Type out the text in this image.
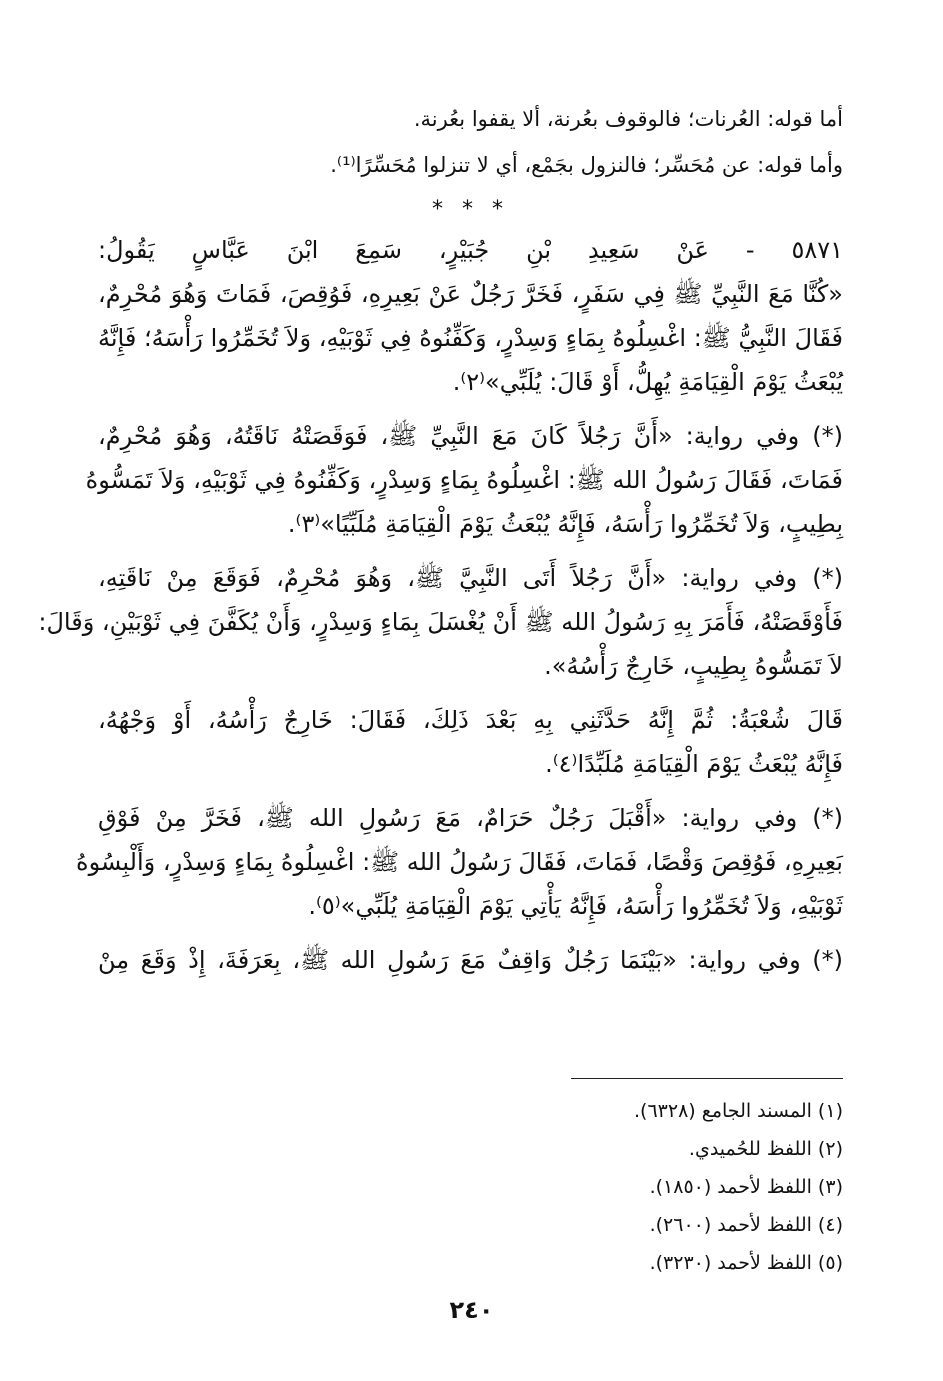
أما قوله: العُرنات؛ فالوقوف بعُرنة، ألا يقفوا بعُرنة.
وأما قوله: عن مُحَسِّر؛ فالنزول بجَمْع، أي لا تنزلوا مُحَسِّرًا⁽¹⁾.
* * *
٥٨٧١ - عَنْ سَعِيدِ بْنِ جُبَيْرٍ، سَمِعَ ابْنَ عَبَّاسٍ يَقُولُ:
«كُنَّا مَعَ النَّبِيِّ ﷺ فِي سَفَرٍ، فَخَرَّ رَجُلٌ عَنْ بَعِيرِهِ، فَوُقِصَ، فَمَاتَ وَهُوَ مُحْرِمٌ،
فَقَالَ النَّبِيُّ ﷺ: اغْسِلُوهُ بِمَاءٍ وَسِدْرٍ، وَكَفِّنُوهُ فِي ثَوْبَيْهِ، وَلاَ تُخَمِّرُوا رَأْسَهُ؛ فَإِنَّهُ
يُبْعَثُ يَوْمَ الْقِيَامَةِ يُهِلُّ، أَوْ قَالَ: يُلَبِّي»⁽٢⁾.
(*) وفي رواية: «أَنَّ رَجُلاً كَانَ مَعَ النَّبِيِّ ﷺ، فَوَقَصَتْهُ نَاقَتُهُ، وَهُوَ مُحْرِمٌ،
فَمَاتَ، فَقَالَ رَسُولُ الله ﷺ: اغْسِلُوهُ بِمَاءٍ وَسِدْرٍ، وَكَفِّنُوهُ فِي ثَوْبَيْهِ، وَلاَ تَمَسُّوهُ
بِطِيبٍ، وَلاَ تُخَمِّرُوا رَأْسَهُ، فَإِنَّهُ يُبْعَثُ يَوْمَ الْقِيَامَةِ مُلَبِّيًا»⁽٣⁾.
(*) وفي رواية: «أَنَّ رَجُلاً أَتَى النَّبِيَّ ﷺ، وَهُوَ مُحْرِمٌ، فَوَقَعَ مِنْ نَاقَتِهِ،
فَأَوْقَصَتْهُ، فَأَمَرَ بِهِ رَسُولُ الله ﷺ أَنْ يُغْسَلَ بِمَاءٍ وَسِدْرٍ، وَأَنْ يُكَفَّنَ فِي ثَوْبَيْنِ، وَقَالَ:
لاَ تَمَسُّوهُ بِطِيبٍ، خَارِجٌ رَأْسُهُ».
قَالَ شُعْبَةُ: ثُمَّ إِنَّهُ حَدَّثَنِي بِهِ بَعْدَ ذَلِكَ، فَقَالَ: خَارِجٌ رَأْسُهُ، أَوْ وَجْهُهُ،
فَإِنَّهُ يُبْعَثُ يَوْمَ الْقِيَامَةِ مُلَبِّدًا⁽٤⁾.
(*) وفي رواية: «أَقْبَلَ رَجُلٌ حَرَامٌ، مَعَ رَسُولِ الله ﷺ، فَخَرَّ مِنْ فَوْقِ
بَعِيرِهِ، فَوُقِصَ وَقْصًا، فَمَاتَ، فَقَالَ رَسُولُ الله ﷺ: اغْسِلُوهُ بِمَاءٍ وَسِدْرٍ، وَأَلْبِسُوهُ
ثَوْبَيْهِ، وَلاَ تُخَمِّرُوا رَأْسَهُ، فَإِنَّهُ يَأْتِي يَوْمَ الْقِيَامَةِ يُلَبِّي»⁽٥⁾.
(*) وفي رواية: «بَيْنَمَا رَجُلٌ وَاقِفٌ مَعَ رَسُولِ الله ﷺ، بِعَرَفَةَ، إِذْ وَقَعَ مِنْ
(١) المسند الجامع (٦٣٢٨).
(٢) اللفظ للحُميدي.
(٣) اللفظ لأحمد (١٨٥٠).
(٤) اللفظ لأحمد (٢٦٠٠).
(٥) اللفظ لأحمد (٣٢٣٠).
٢٤٠
